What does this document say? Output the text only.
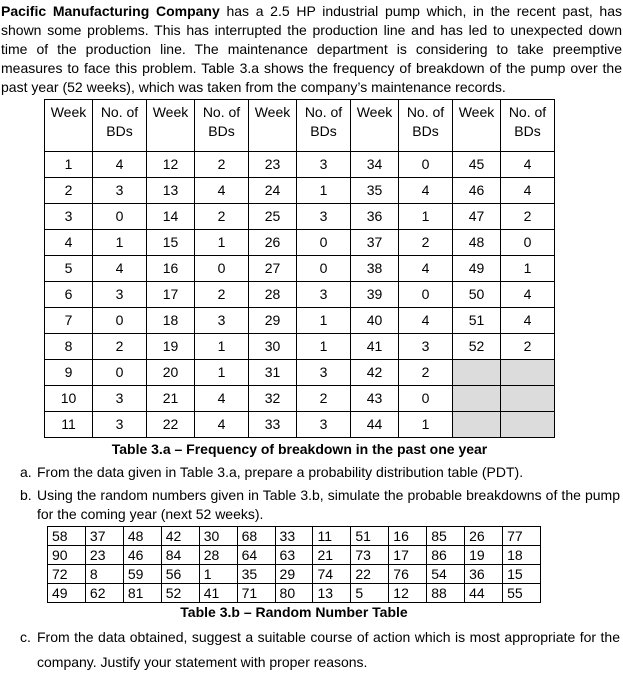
Pacific Manufacturing Company has a 2.5 HP industrial pump which, in the recent past, has shown some problems. This has interrupted the production line and has led to unexpected down time of the production line. The maintenance department is considering to take preemptive measures to face this problem. Table 3.a shows the frequency of breakdown of the pump over the past year (52 weeks), which was taken from the company’s maintenance records.

Week	No. of BDs	Week	No. of BDs	Week	No. of BDs	Week	No. of BDs	Week	No. of BDs
1	4	12	2	23	3	34	0	45	4
2	3	13	4	24	1	35	4	46	4
3	0	14	2	25	3	36	1	47	2
4	1	15	1	26	0	37	2	48	0
5	4	16	0	27	0	38	4	49	1
6	3	17	2	28	3	39	0	50	4
7	0	18	3	29	1	40	4	51	4
8	2	19	1	30	1	41	3	52	2
9	0	20	1	31	3	42	2		
10	3	21	4	32	2	43	0		
11	3	22	4	33	3	44	1		
Table 3.a – Frequency of breakdown in the past one year
a. From the data given in Table 3.a, prepare a probability distribution table (PDT).
b. Using the random numbers given in Table 3.b, simulate the probable breakdowns of the pump for the coming year (next 52 weeks).
58	37	48	42	30	68	33	11	51	16	85	26	77
90	23	46	84	28	64	63	21	73	17	86	19	18
72	8	59	56	1	35	29	74	22	76	54	36	15
49	62	81	52	41	71	80	13	5	12	88	44	55
Table 3.b – Random Number Table
c. From the data obtained, suggest a suitable course of action which is most appropriate for the company. Justify your statement with proper reasons.
